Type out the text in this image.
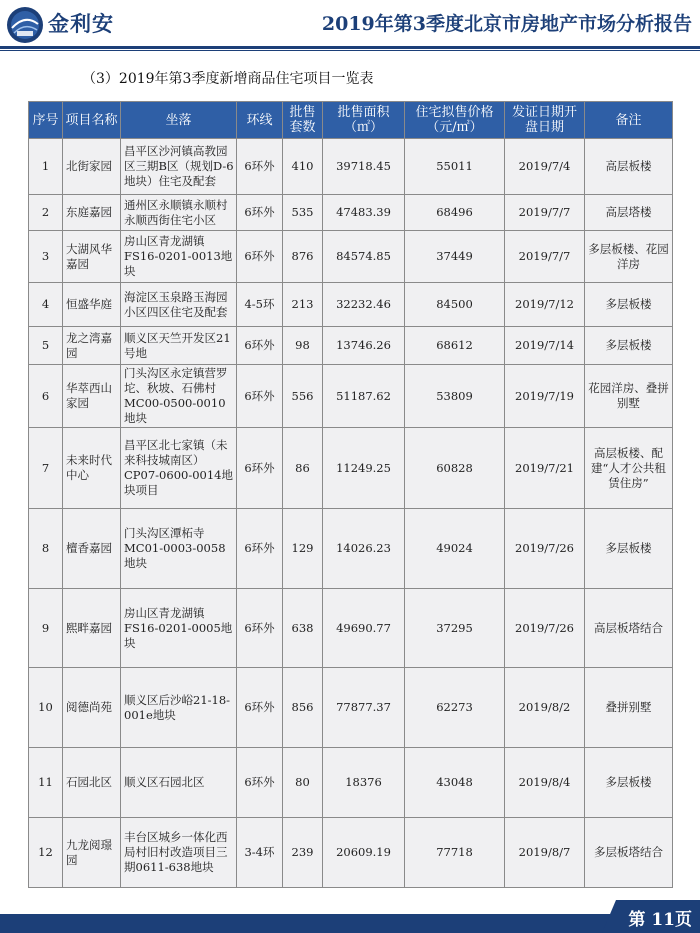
金利安	2019年第3季度北京市房地产市场分析报告
（3）2019年第3季度新增商品住宅项目一览表
序号	项目名称	坐落	环线	批售套数	批售面积（㎡）	住宅拟售价格（元/㎡）	发证日期开盘日期	备注
1	北街家园	昌平区沙河镇高教园区三期B区（规划D-6地块）住宅及配套	6环外	410	39718.45	55011	2019/7/4	高层板楼
2	东庭嘉园	通州区永顺镇永顺村永顺西街住宅小区	6环外	535	47483.39	68496	2019/7/7	高层塔楼
3	大湖风华嘉园	房山区青龙湖镇FS16-0201-0013地块	6环外	876	84574.85	37449	2019/7/7	多层板楼、花园洋房
4	恒盛华庭	海淀区玉泉路玉海园小区四区住宅及配套	4-5环	213	32232.46	84500	2019/7/12	多层板楼
5	龙之湾嘉园	顺义区天竺开发区21号地	6环外	98	13746.26	68612	2019/7/14	多层板楼
6	华萃西山家园	门头沟区永定镇营罗坨、秋坡、石佛村MC00-0500-0010地块	6环外	556	51187.62	53809	2019/7/19	花园洋房、叠拼别墅
7	未来时代中心	昌平区北七家镇（未来科技城南区）CP07-0600-0014地块项目	6环外	86	11249.25	60828	2019/7/21	高层板楼、配建“人才公共租赁住房”
8	檀香嘉园	门头沟区潭柘寺MC01-0003-0058地块	6环外	129	14026.23	49024	2019/7/26	多层板楼
9	熙畔嘉园	房山区青龙湖镇FS16-0201-0005地块	6环外	638	49690.77	37295	2019/7/26	高层板塔结合
10	阅德尚苑	顺义区后沙峪21-18-001e地块	6环外	856	77877.37	62273	2019/8/2	叠拼别墅
11	石园北区	顺义区石园北区	6环外	80	18376	43048	2019/8/4	多层板楼
12	九龙阅璟园	丰台区城乡一体化西局村旧村改造项目三期0611-638地块	3-4环	239	20609.19	77718	2019/8/7	多层板塔结合
第 11页
